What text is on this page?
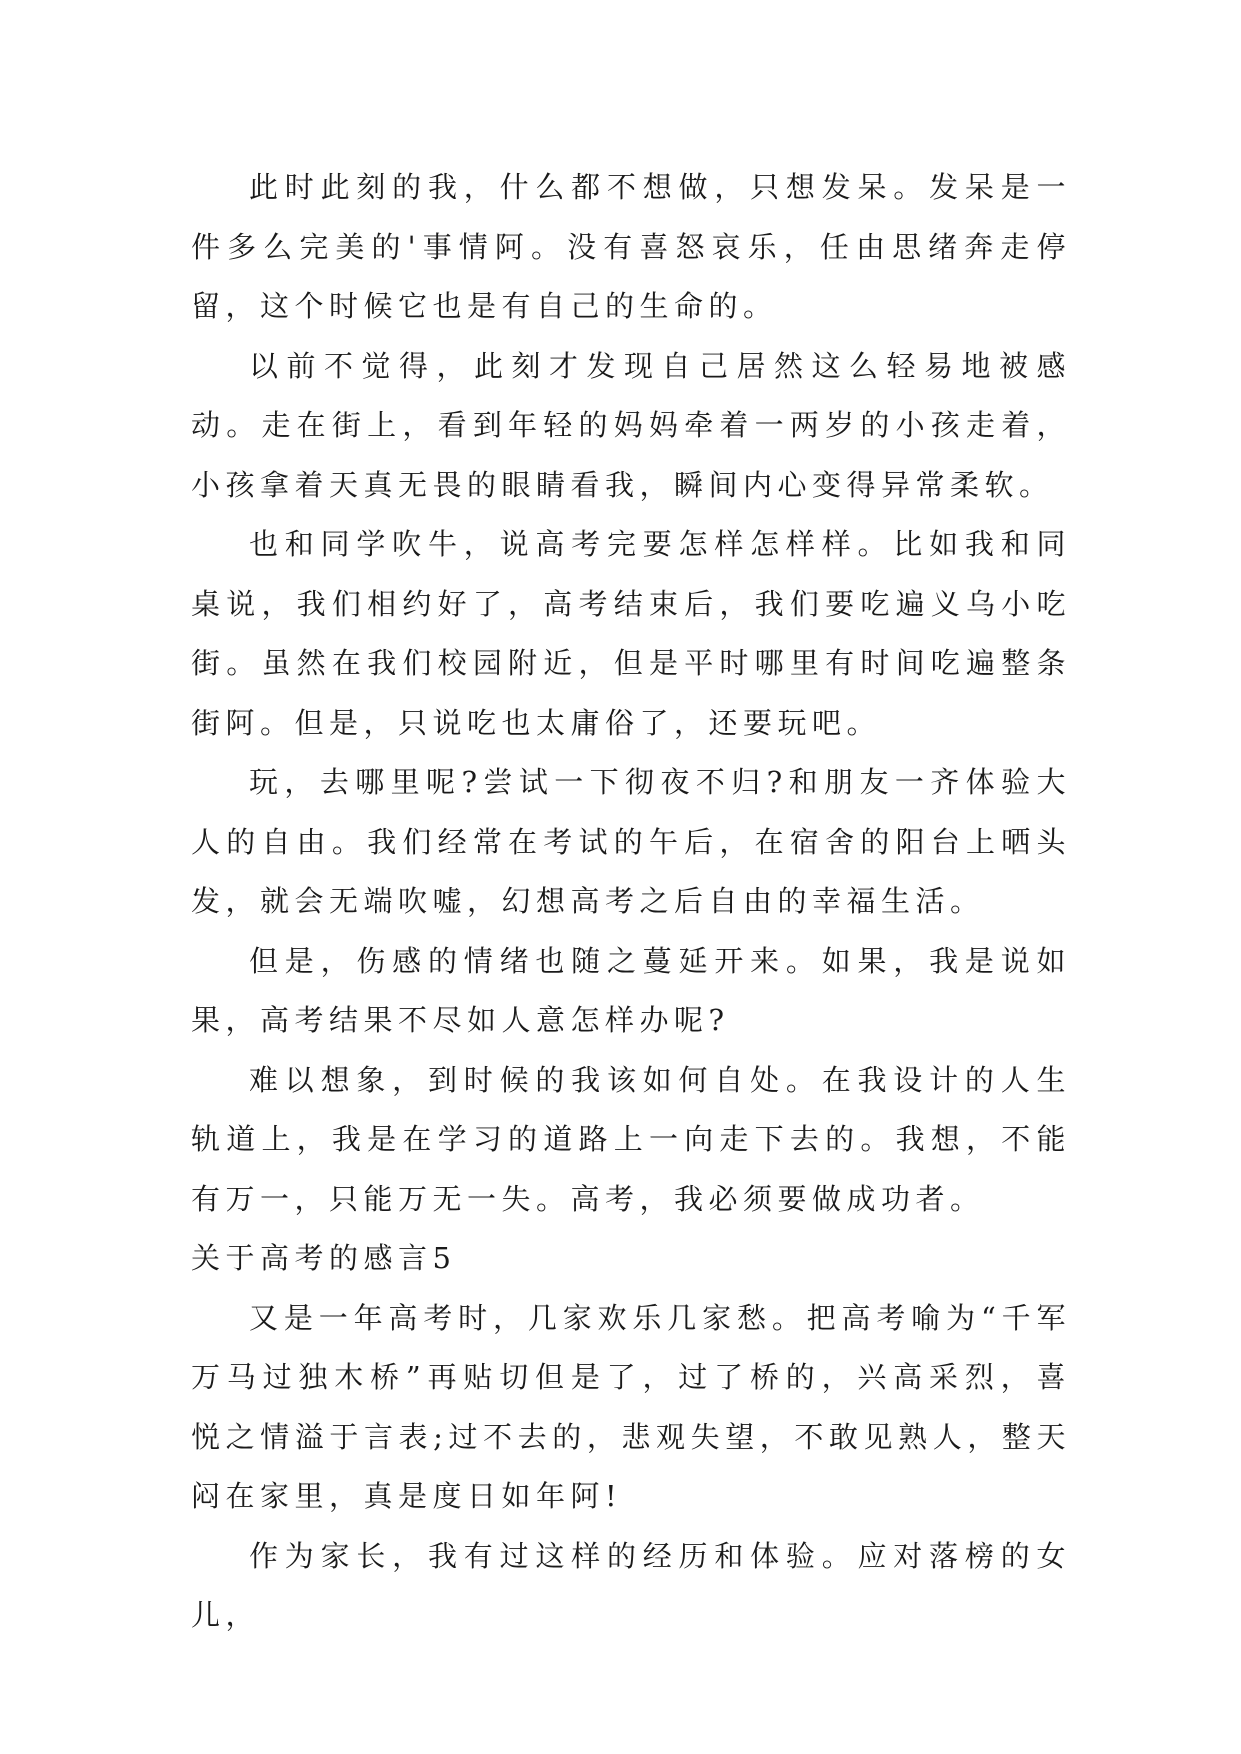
此时此刻的我，什么都不想做，只想发呆。发呆是一件多么完美的'事情阿。没有喜怒哀乐，任由思绪奔走停留，这个时候它也是有自己的生命的。

以前不觉得，此刻才发现自己居然这么轻易地被感动。走在街上，看到年轻的妈妈牵着一两岁的小孩走着，小孩拿着天真无畏的眼睛看我，瞬间内心变得异常柔软。

也和同学吹牛，说高考完要怎样怎样样。比如我和同桌说，我们相约好了，高考结束后，我们要吃遍义乌小吃街。虽然在我们校园附近，但是平时哪里有时间吃遍整条街阿。但是，只说吃也太庸俗了，还要玩吧。

玩，去哪里呢?尝试一下彻夜不归?和朋友一齐体验大人的自由。我们经常在考试的午后，在宿舍的阳台上晒头发，就会无端吹嘘，幻想高考之后自由的幸福生活。

但是，伤感的情绪也随之蔓延开来。如果，我是说如果，高考结果不尽如人意怎样办呢?

难以想象，到时候的我该如何自处。在我设计的人生轨道上，我是在学习的道路上一向走下去的。我想，不能有万一，只能万无一失。高考，我必须要做成功者。

关于高考的感言5

又是一年高考时，几家欢乐几家愁。把高考喻为“千军万马过独木桥”再贴切但是了，过了桥的，兴高采烈，喜悦之情溢于言表;过不去的，悲观失望，不敢见熟人，整天闷在家里，真是度日如年阿!

作为家长，我有过这样的经历和体验。应对落榜的女儿，
